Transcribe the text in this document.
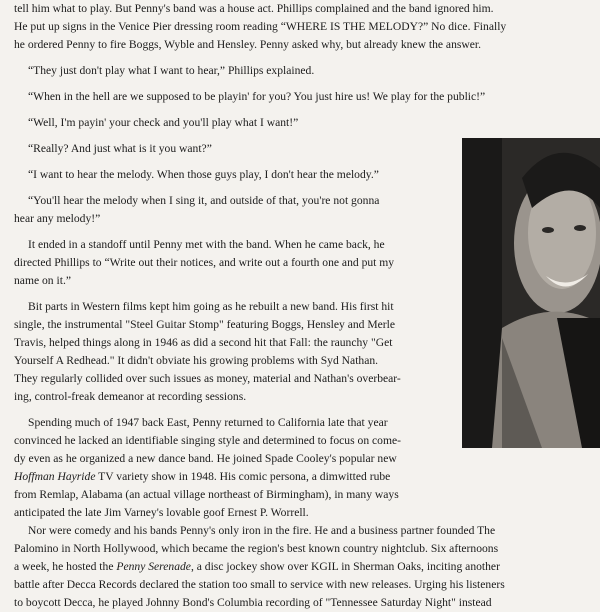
tell him what to play. But Penny's band was a house act. Phillips complained and the band ignored him.

He put up signs in the Venice Pier dressing room reading “WHERE IS THE MELODY?” No dice. Finally

he ordered Penny to fire Boggs, Wyble and Hensley. Penny asked why, but already knew the answer.

“They just don't play what I want to hear,” Phillips explained.

“When in the hell are we supposed to be playin' for you? You just hire us! We play for the public!”

“Well, I'm payin' your check and you'll play what I want!”

“Really? And just what is it you want?”

“I want to hear the melody. When those guys play, I don't hear the melody.”

“You'll hear the melody when I sing it, and outside of that, you're not gonna

hear any melody!”

It ended in a standoff until Penny met with the band. When he came back, he

directed Phillips to “Write out their notices, and write out a fourth one and put my

name on it.”

Bit parts in Western films kept him going as he rebuilt a new band. His first hit

single, the instrumental "Steel Guitar Stomp" featuring Boggs, Hensley and Merle

Travis, helped things along in 1946 as did a second hit that Fall: the raunchy "Get

Yourself A Redhead." It didn't obviate his growing problems with Syd Nathan.

They regularly collided over such issues as money, material and Nathan's overbear-

ing, control-freak demeanor at recording sessions.

Spending much of 1947 back East, Penny returned to California late that year

convinced he lacked an identifiable singing style and determined to focus on come-

dy even as he organized a new dance band. He joined Spade Cooley's popular new

Hoffman Hayride TV variety show in 1948. His comic persona, a dimwitted rube

from Remlap, Alabama (an actual village northeast of Birmingham), in many ways

anticipated the late Jim Varney's lovable goof Ernest P. Worrell.

Nor were comedy and his bands Penny's only iron in the fire. He and a business partner founded The

Palomino in North Hollywood, which became the region's best known country nightclub. Six afternoons

a week, he hosted the Penny Serenade, a disc jockey show over KGIL in Sherman Oaks, inciting another

battle after Decca Records declared the station too small to service with new releases. Urging his listeners

to boycott Decca, he played Johnny Bond's Columbia recording of "Tennessee Saturday Night" instead
